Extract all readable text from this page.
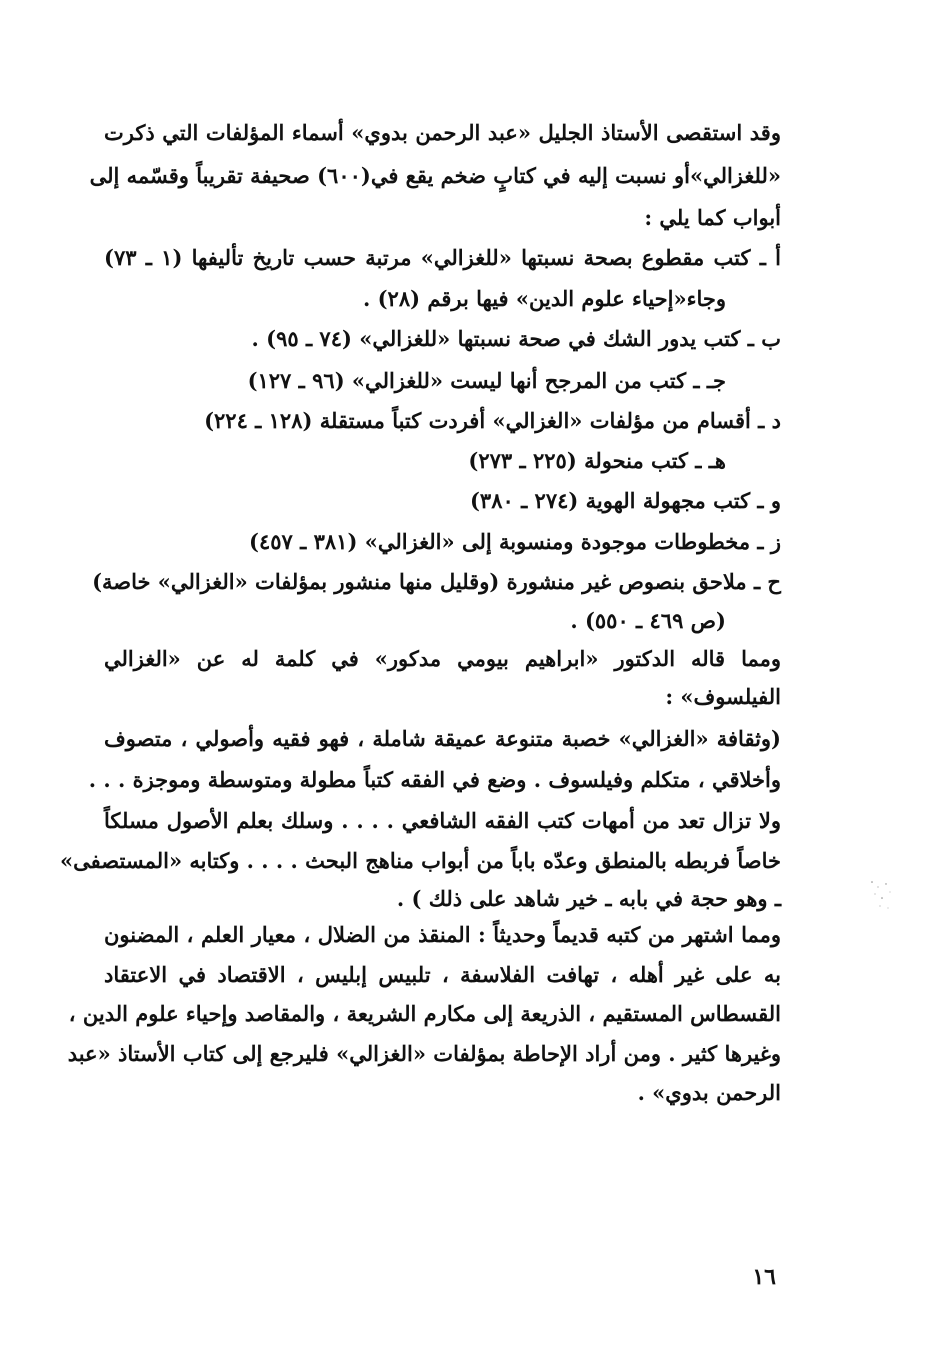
وقد استقصى الأستاذ الجليل «عبد الرحمن بدوي» أسماء المؤلفات التي ذكرت
«للغزالي»أو نسبت إليه في كتابٍ ضخم يقع في(٦٠٠) صحيفة تقريباً وقسّمه إلى
أبواب كما يلي :
أ ـ كتب مقطوع بصحة نسبتها «للغزالي» مرتبة حسب تاريخ تأليفها (١ ـ ٧٣)
وجاء«إحياء علوم الدين» فيها برقم (٢٨) .
ب ـ كتب يدور الشك في صحة نسبتها «للغزالي» (٧٤ ـ ٩٥) .
جـ ـ كتب من المرجح أنها ليست «للغزالي» (٩٦ ـ ١٢٧)
د ـ أقسام من مؤلفات «الغزالي» أفردت كتباً مستقلة (١٢٨ ـ ٢٢٤)
هـ ـ كتب منحولة (٢٢٥ ـ ٢٧٣)
و ـ كتب مجهولة الهوية (٢٧٤ ـ ٣٨٠)
ز ـ مخطوطات موجودة ومنسوبة إلى «الغزالي» (٣٨١ ـ ٤٥٧)
ح ـ ملاحق بنصوص غير منشورة (وقليل منها منشور بمؤلفات «الغزالي» خاصة)
(ص ٤٦٩ ـ ٥٥٠) .
ومما قاله الدكتور «ابراهيم بيومي مدكور» في كلمة له عن «الغزالي
الفيلسوف» :
(وثقافة «الغزالي» خصبة متنوعة عميقة شاملة ، فهو فقيه وأصولي ، متصوف
وأخلاقي ، متكلم وفيلسوف . وضع في الفقه كتباً مطولة ومتوسطة وموجزة . . .
ولا تزال تعد من أمهات كتب الفقه الشافعي . . . . وسلك بعلم الأصول مسلكاً
خاصاً فربطه بالمنطق وعدّه باباً من أبواب مناهج البحث . . . . وكتابه «المستصفى»
ـ وهو حجة في بابه ـ خير شاهد على ذلك ) .
ومما اشتهر من كتبه قديماً وحديثاً : المنقذ من الضلال ، معيار العلم ، المضنون
به على غير أهله ، تهافت الفلاسفة ، تلبيس إبليس ، الاقتصاد في الاعتقاد
القسطاس المستقيم ، الذريعة إلى مكارم الشريعة ، والمقاصد وإحياء علوم الدين ،
وغيرها كثير . ومن أراد الإحاطة بمؤلفات «الغزالي» فليرجع إلى كتاب الأستاذ «عبد
الرحمن بدوي» .
١٦
